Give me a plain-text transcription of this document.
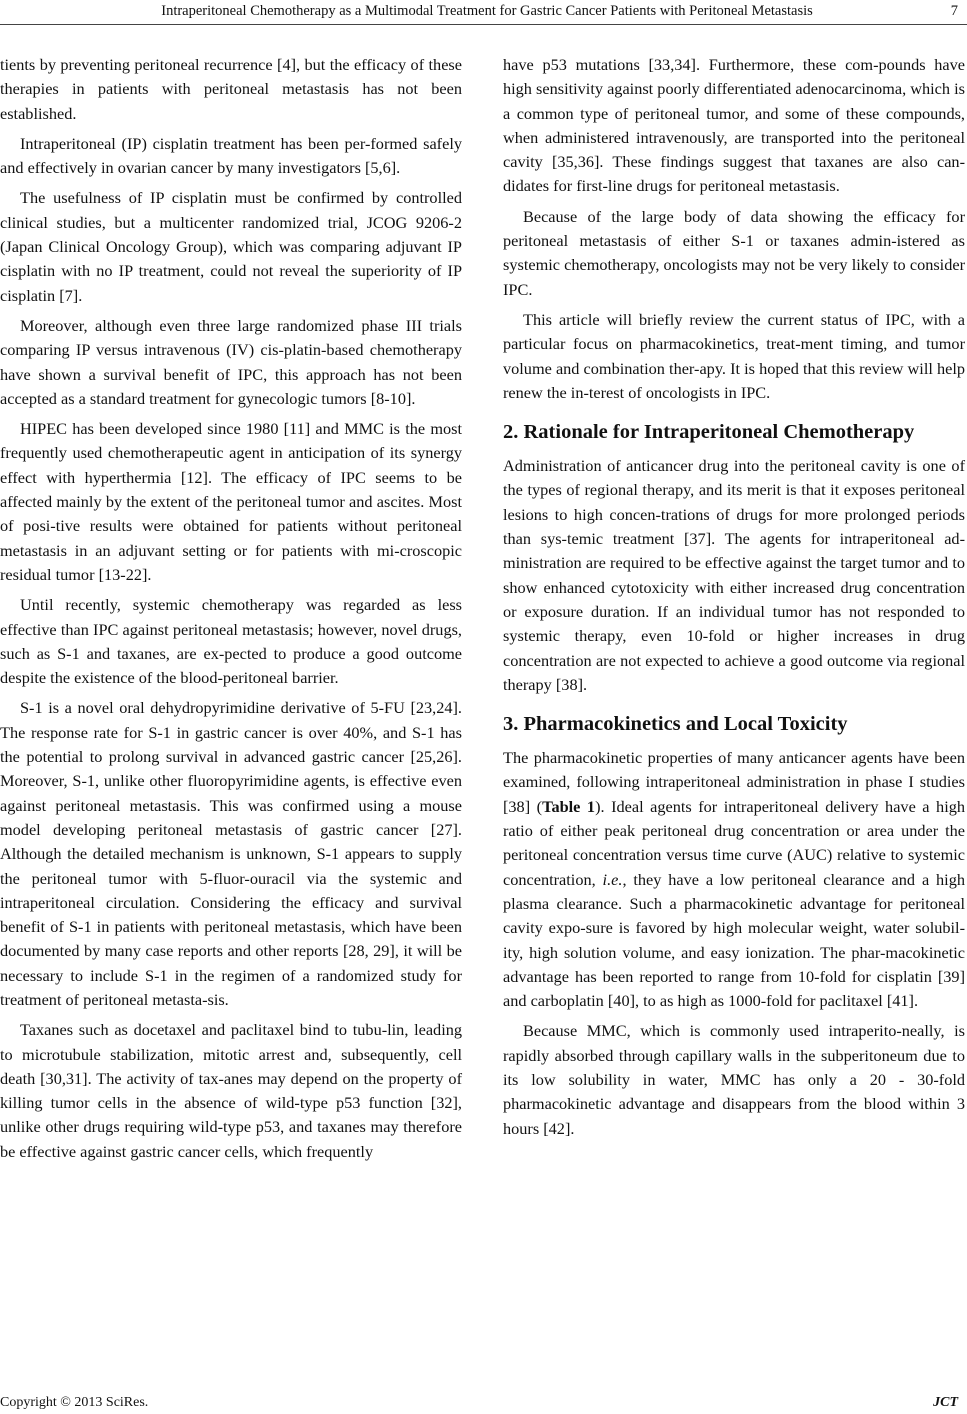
Intraperitoneal Chemotherapy as a Multimodal Treatment for Gastric Cancer Patients with Peritoneal Metastasis	7

tients by preventing peritoneal recurrence [4], but the efficacy of these therapies in patients with peritoneal metastasis has not been established.

Intraperitoneal (IP) cisplatin treatment has been per-formed safely and effectively in ovarian cancer by many investigators [5,6].

The usefulness of IP cisplatin must be confirmed by controlled clinical studies, but a multicenter randomized trial, JCOG 9206-2 (Japan Clinical Oncology Group), which was comparing adjuvant IP cisplatin with no IP treatment, could not reveal the superiority of IP cisplatin [7].

Moreover, although even three large randomized phase III trials comparing IP versus intravenous (IV) cis-platin-based chemotherapy have shown a survival benefit of IPC, this approach has not been accepted as a standard treatment for gynecologic tumors [8-10].

HIPEC has been developed since 1980 [11] and MMC is the most frequently used chemotherapeutic agent in anticipation of its synergy effect with hyperthermia [12]. The efficacy of IPC seems to be affected mainly by the extent of the peritoneal tumor and ascites. Most of posi-tive results were obtained for patients without peritoneal metastasis in an adjuvant setting or for patients with mi-croscopic residual tumor [13-22].

Until recently, systemic chemotherapy was regarded as less effective than IPC against peritoneal metastasis; however, novel drugs, such as S-1 and taxanes, are ex-pected to produce a good outcome despite the existence of the blood-peritoneal barrier.

S-1 is a novel oral dehydropyrimidine derivative of 5-FU [23,24]. The response rate for S-1 in gastric cancer is over 40%, and S-1 has the potential to prolong survival in advanced gastric cancer [25,26]. Moreover, S-1, unlike other fluoropyrimidine agents, is effective even against peritoneal metastasis. This was confirmed using a mouse model developing peritoneal metastasis of gastric cancer [27]. Although the detailed mechanism is unknown, S-1 appears to supply the peritoneal tumor with 5-fluor-ouracil via the systemic and intraperitoneal circulation. Considering the efficacy and survival benefit of S-1 in patients with peritoneal metastasis, which have been documented by many case reports and other reports [28, 29], it will be necessary to include S-1 in the regimen of a randomized study for treatment of peritoneal metasta-sis.

Taxanes such as docetaxel and paclitaxel bind to tubu-lin, leading to microtubule stabilization, mitotic arrest and, subsequently, cell death [30,31]. The activity of tax-anes may depend on the property of killing tumor cells in the absence of wild-type p53 function [32], unlike other drugs requiring wild-type p53, and taxanes may therefore be effective against gastric cancer cells, which frequently

have p53 mutations [33,34]. Furthermore, these com-pounds have high sensitivity against poorly differentiated adenocarcinoma, which is a common type of peritoneal tumor, and some of these compounds, when administered intravenously, are transported into the peritoneal cavity [35,36]. These findings suggest that taxanes are also can-didates for first-line drugs for peritoneal metastasis.

Because of the large body of data showing the efficacy for peritoneal metastasis of either S-1 or taxanes admin-istered as systemic chemotherapy, oncologists may not be very likely to consider IPC.

This article will briefly review the current status of IPC, with a particular focus on pharmacokinetics, treat-ment timing, and tumor volume and combination ther-apy. It is hoped that this review will help renew the in-terest of oncologists in IPC.

2. Rationale for Intraperitoneal Chemotherapy

Administration of anticancer drug into the peritoneal cavity is one of the types of regional therapy, and its merit is that it exposes peritoneal lesions to high concen-trations of drugs for more prolonged periods than sys-temic treatment [37]. The agents for intraperitoneal ad-ministration are required to be effective against the target tumor and to show enhanced cytotoxicity with either increased drug concentration or exposure duration. If an individual tumor has not responded to systemic therapy, even 10-fold or higher increases in drug concentration are not expected to achieve a good outcome via regional therapy [38].

3. Pharmacokinetics and Local Toxicity

The pharmacokinetic properties of many anticancer agents have been examined, following intraperitoneal administration in phase I studies [38] (Table 1). Ideal agents for intraperitoneal delivery have a high ratio of either peak peritoneal drug concentration or area under the peritoneal concentration versus time curve (AUC) relative to systemic concentration, i.e., they have a low peritoneal clearance and a high plasma clearance. Such a pharmacokinetic advantage for peritoneal cavity expo-sure is favored by high molecular weight, water solubil-ity, high solution volume, and easy ionization. The phar-macokinetic advantage has been reported to range from 10-fold for cisplatin [39] and carboplatin [40], to as high as 1000-fold for paclitaxel [41].

Because MMC, which is commonly used intraperito-neally, is rapidly absorbed through capillary walls in the subperitoneum due to its low solubility in water, MMC has only a 20 - 30-fold pharmacokinetic advantage and disappears from the blood within 3 hours [42].

Copyright © 2013 SciRes.	JCT
